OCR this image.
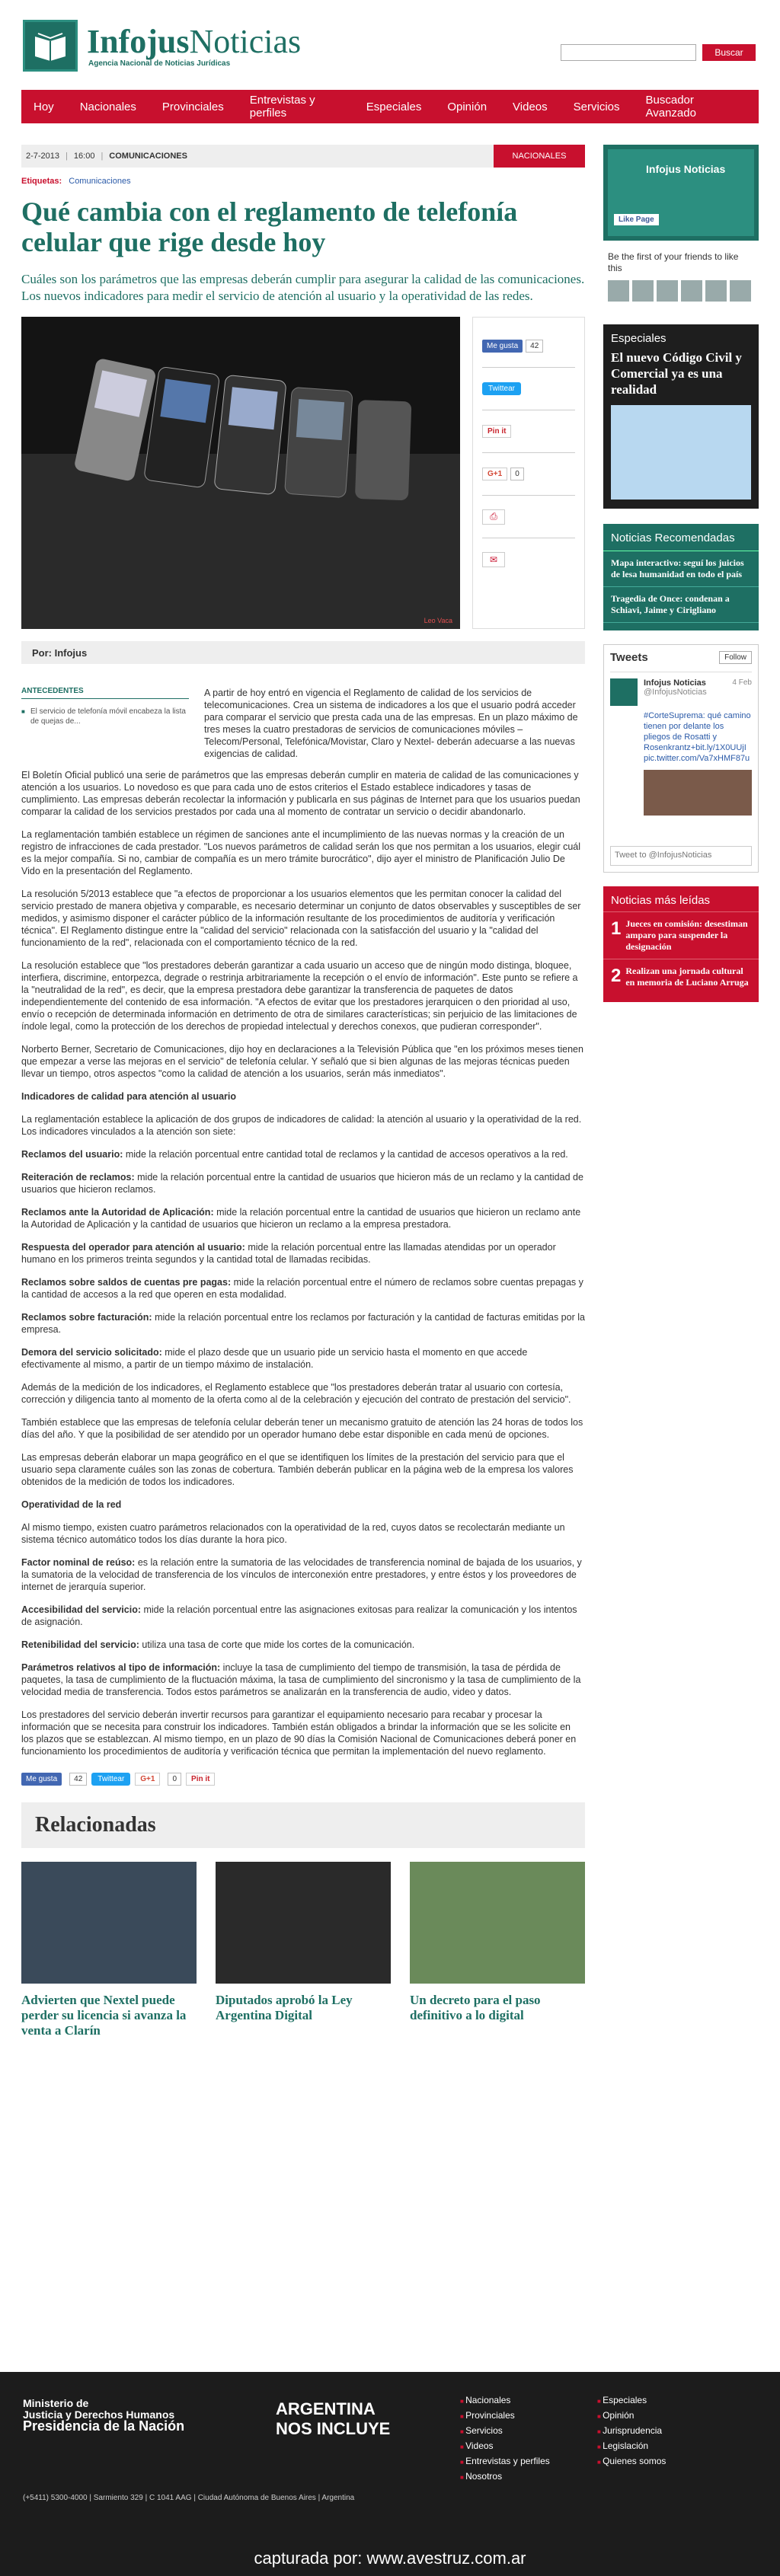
InfojusNoticias
Agencia Nacional de Noticias Jurídicas
Buscar
Hoy Nacionales Provinciales Entrevistas y perfiles	Especiales Opinión Videos Servicios Buscador Avanzado
2-7-2013 | 16:00 | COMUNICACIONES	NACIONALES
Etiquetas: Comunicaciones
Qué cambia con el reglamento de telefonía celular que rige desde hoy
Cuáles son los parámetros que las empresas deberán cumplir para asegurar la calidad de las comunicaciones. Los nuevos indicadores para medir el servicio de atención al usuario y la operatividad de las redes.
Leo Vaca
Me gusta	42
Twittear
Pin it
G+1	0
⎙
✉
Por: Infojus
ANTECEDENTES
■ El servicio de telefonía móvil encabeza la lista de quejas de...
A partir de hoy entró en vigencia el Reglamento de calidad de los servicios de telecomunicaciones. Crea un sistema de indicadores a los que el usuario podrá acceder para comparar el servicio que presta cada una de las empresas. En un plazo máximo de tres meses la cuatro prestadoras de servicios de comunicaciones móviles –Telecom/Personal, Telefónica/Movistar, Claro y Nextel- deberán adecuarse a las nuevas exigencias de calidad.

El Boletín Oficial publicó una serie de parámetros que las empresas deberán cumplir en materia de calidad de las comunicaciones y atención a los usuarios. Lo novedoso es que para cada uno de estos criterios el Estado establece indicadores y tasas de cumplimiento. Las empresas deberán recolectar la información y publicarla en sus páginas de Internet para que los usuarios puedan comparar la calidad de los servicios prestados por cada una al momento de contratar un servicio o decidir abandonarlo.

La reglamentación también establece un régimen de sanciones ante el incumplimiento de las nuevas normas y la creación de un registro de infracciones de cada prestador. "Los nuevos parámetros de calidad serán los que nos permitan a los usuarios, elegir cuál es la mejor compañía. Si no, cambiar de compañía es un mero trámite burocrático", dijo ayer el ministro de Planificación Julio De Vido en la presentación del Reglamento.

La resolución 5/2013 establece que "a efectos de proporcionar a los usuarios elementos que les permitan conocer la calidad del servicio prestado de manera objetiva y comparable, es necesario determinar un conjunto de datos observables y susceptibles de ser medidos, y asimismo disponer el carácter público de la información resultante de los procedimientos de auditoría y verificación técnica". El Reglamento distingue entre la "calidad del servicio" relacionada con la satisfacción del usuario y la "calidad del funcionamiento de la red", relacionada con el comportamiento técnico de la red.

La resolución establece que "los prestadores deberán garantizar a cada usuario un acceso que de ningún modo distinga, bloquee, interfiera, discrimine, entorpezca, degrade o restrinja arbitrariamente la recepción o el envío de información". Este punto se refiere a la "neutralidad de la red", es decir, que la empresa prestadora debe garantizar la transferencia de paquetes de datos independientemente del contenido de esa información. "A efectos de evitar que los prestadores jerarquicen o den prioridad al uso, envío o recepción de determinada información en detrimento de otra de similares características; sin perjuicio de las limitaciones de índole legal, como la protección de los derechos de propiedad intelectual y derechos conexos, que pudieran corresponder".

Norberto Berner, Secretario de Comunicaciones, dijo hoy en declaraciones a la Televisión Pública que "en los próximos meses tienen que empezar a verse las mejoras en el servicio" de telefonía celular. Y señaló que si bien algunas de las mejoras técnicas pueden llevar un tiempo, otros aspectos "como la calidad de atención a los usuarios, serán más inmediatos".

Indicadores de calidad para atención al usuario

La reglamentación establece la aplicación de dos grupos de indicadores de calidad: la atención al usuario y la operatividad de la red. Los indicadores vinculados a la atención son siete:

Reclamos del usuario: mide la relación porcentual entre cantidad total de reclamos y la cantidad de accesos operativos a la red.

Reiteración de reclamos: mide la relación porcentual entre la cantidad de usuarios que hicieron más de un reclamo y la cantidad de usuarios que hicieron reclamos.

Reclamos ante la Autoridad de Aplicación: mide la relación porcentual entre la cantidad de usuarios que hicieron un reclamo ante la Autoridad de Aplicación y la cantidad de usuarios que hicieron un reclamo a la empresa prestadora.

Respuesta del operador para atención al usuario: mide la relación porcentual entre las llamadas atendidas por un operador humano en los primeros treinta segundos y la cantidad total de llamadas recibidas.

Reclamos sobre saldos de cuentas pre pagas: mide la relación porcentual entre el número de reclamos sobre cuentas prepagas y la cantidad de accesos a la red que operen en esta modalidad.

Reclamos sobre facturación: mide la relación porcentual entre los reclamos por facturación y la cantidad de facturas emitidas por la empresa.

Demora del servicio solicitado: mide el plazo desde que un usuario pide un servicio hasta el momento en que accede efectivamente al mismo, a partir de un tiempo máximo de instalación.

Además de la medición de los indicadores, el Reglamento establece que "los prestadores deberán tratar al usuario con cortesía, corrección y diligencia tanto al momento de la oferta como al de la celebración y ejecución del contrato de prestación del servicio".

También establece que las empresas de telefonía celular deberán tener un mecanismo gratuito de atención las 24 horas de todos los días del año. Y que la posibilidad de ser atendido por un operador humano debe estar disponible en cada menú de opciones.

Las empresas deberán elaborar un mapa geográfico en el que se identifiquen los límites de la prestación del servicio para que el usuario sepa claramente cuáles son las zonas de cobertura. También deberán publicar en la página web de la empresa los valores obtenidos de la medición de todos los indicadores.

Operatividad de la red

Al mismo tiempo, existen cuatro parámetros relacionados con la operatividad de la red, cuyos datos se recolectarán mediante un sistema técnico automático todos los días durante la hora pico.

Factor nominal de reúso: es la relación entre la sumatoria de las velocidades de transferencia nominal de bajada de los usuarios, y la sumatoria de la velocidad de transferencia de los vínculos de interconexión entre prestadores, y entre éstos y los proveedores de internet de jerarquía superior.

Accesibilidad del servicio: mide la relación porcentual entre las asignaciones exitosas para realizar la comunicación y los intentos de asignación.

Retenibilidad del servicio: utiliza una tasa de corte que mide los cortes de la comunicación.

Parámetros relativos al tipo de información: incluye la tasa de cumplimiento del tiempo de transmisión, la tasa de pérdida de paquetes, la tasa de cumplimiento de la fluctuación máxima, la tasa de cumplimiento del sincronismo y la tasa de cumplimiento de la velocidad media de transferencia. Todos estos parámetros se analizarán en la transferencia de audio, video y datos.

Los prestadores del servicio deberán invertir recursos para garantizar el equipamiento necesario para recabar y procesar la información que se necesita para construir los indicadores. También están obligados a brindar la información que se les solicite en los plazos que se establezcan. Al mismo tiempo, en un plazo de 90 días la Comisión Nacional de Comunicaciones deberá poner en funcionamiento los procedimientos de auditoría y verificación técnica que permitan la implementación del nuevo reglamento.

Me gusta	42	Twittear	G+1	0	Pin it
Relacionadas
Advierten que Nextel puede perder su licencia si avanza la venta a Clarín
Diputados aprobó la Ley Argentina Digital
Un decreto para el paso definitivo a lo digital
Infojus Noticias
Like Page
Be the first of your friends to like this
Especiales
El nuevo Código Civil y Comercial ya es una realidad
Noticias Recomendadas
Mapa interactivo: seguí los juicios de lesa humanidad en todo el país
Tragedia de Once: condenan a Schiavi, Jaime y Cirigliano
Tweets	Follow
Infojus Noticias
@InfojusNoticias
4 Feb
#CorteSuprema: qué camino tienen por delante los pliegos de Rosatti y Rosenkrantz+bit.ly/1X0UUjI pic.twitter.com/Va7xHMF87u
Tweet to @InfojusNoticias
Noticias más leídas
1 Jueces en comisión: desestiman amparo para suspender la designación
2 Realizan una jornada cultural en memoria de Luciano Arruga
Ministerio de
Justicia y Derechos Humanos
Presidencia de la Nación
ARGENTINA
NOS INCLUYE
■ Nacionales	■ Especiales
■ Provinciales	■ Opinión
■ Servicios	■ Jurisprudencia
■ Videos	■ Legislación
■ Entrevistas y perfiles	■ Quienes somos
■ Nosotros
(+5411) 5300-4000 | Sarmiento 329 | C 1041 AAG | Ciudad Autónoma de Buenos Aires | Argentina
capturada por: www.avestruz.com.ar
